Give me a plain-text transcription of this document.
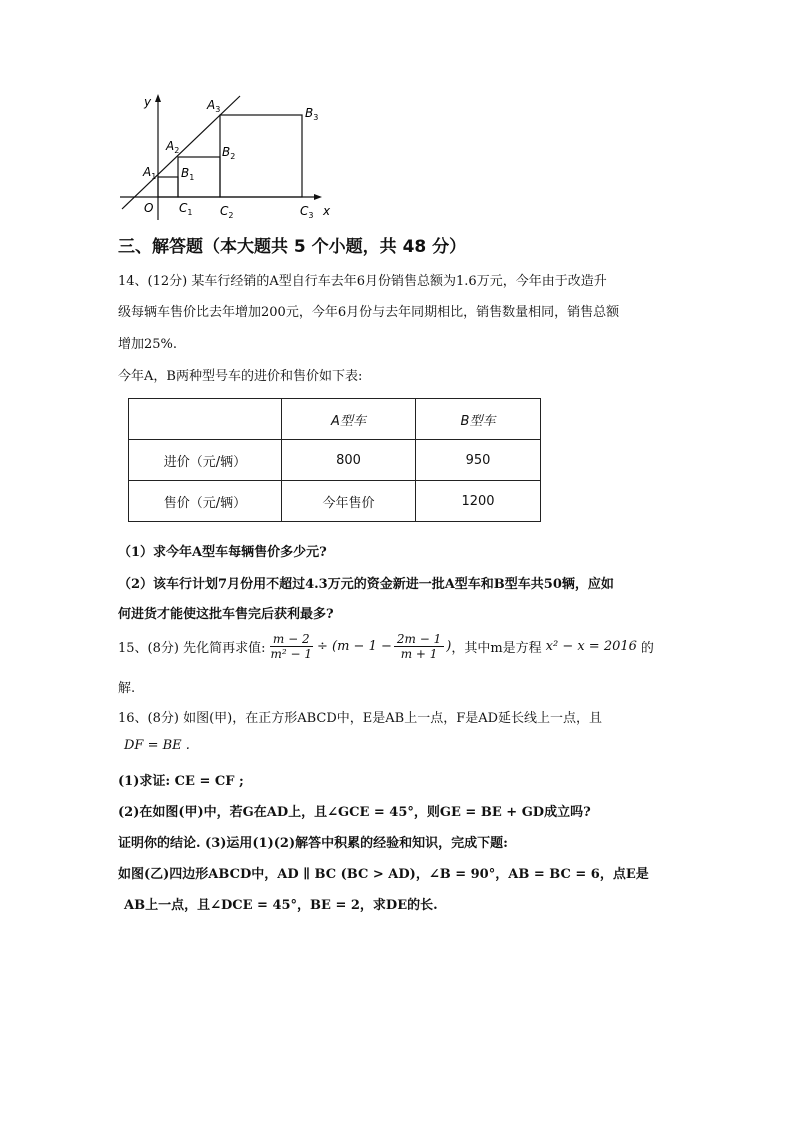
y
O	x
$A_1$
$A_2$
$A_3$
$B_1$
$B_2$
$B_3$
$C_1$ $C_2$	$C_3$
三、解答题（本大题共 5 个小题，共 48 分）
14、(12分) 某车行经销的A型自行车去年6月份销售总额为1.6万元，今年由于改造升
级每辆车售价比去年增加200元，今年6月份与去年同期相比，销售数量相同，销售总额
增加25%.
今年A，B两种型号车的进价和售价如下表:
	A型车	B型车
进价（元/辆）	800	950
售价（元/辆）	今年售价	1200
（1）求今年A型车每辆售价多少元?
（2）该车行计划7月份用不超过4.3万元的资金新进一批A型车和B型车共50辆，应如
何进货才能使这批车售完后获利最多?
15、(8分) 先化简再求值: $\frac{m - 2}{\text{m² − 1}} \div (m - 1 - \frac{2m - 1}{m + 1}$ ) ，其中m是方程 x² − x = 2016 的
解.
16、(8分) 如图(甲)，在正方形ABCD中，E是AB上一点，F是AD延长线上一点，且
DF = BE .
(1)求证: CE = CF ;
(2)在如图(甲)中，若G在AD上，且∠GCE = 45°，则GE = BE + GD成立吗?
证明你的结论. (3)运用(1)(2)解答中积累的经验和知识，完成下题:
如图(乙)四边形ABCD中，AD ∥ BC (BC > AD)，∠B = 90°，AB = BC = 6，点E是
AB上一点，且∠DCE = 45°，BE = 2，求DE的长.
